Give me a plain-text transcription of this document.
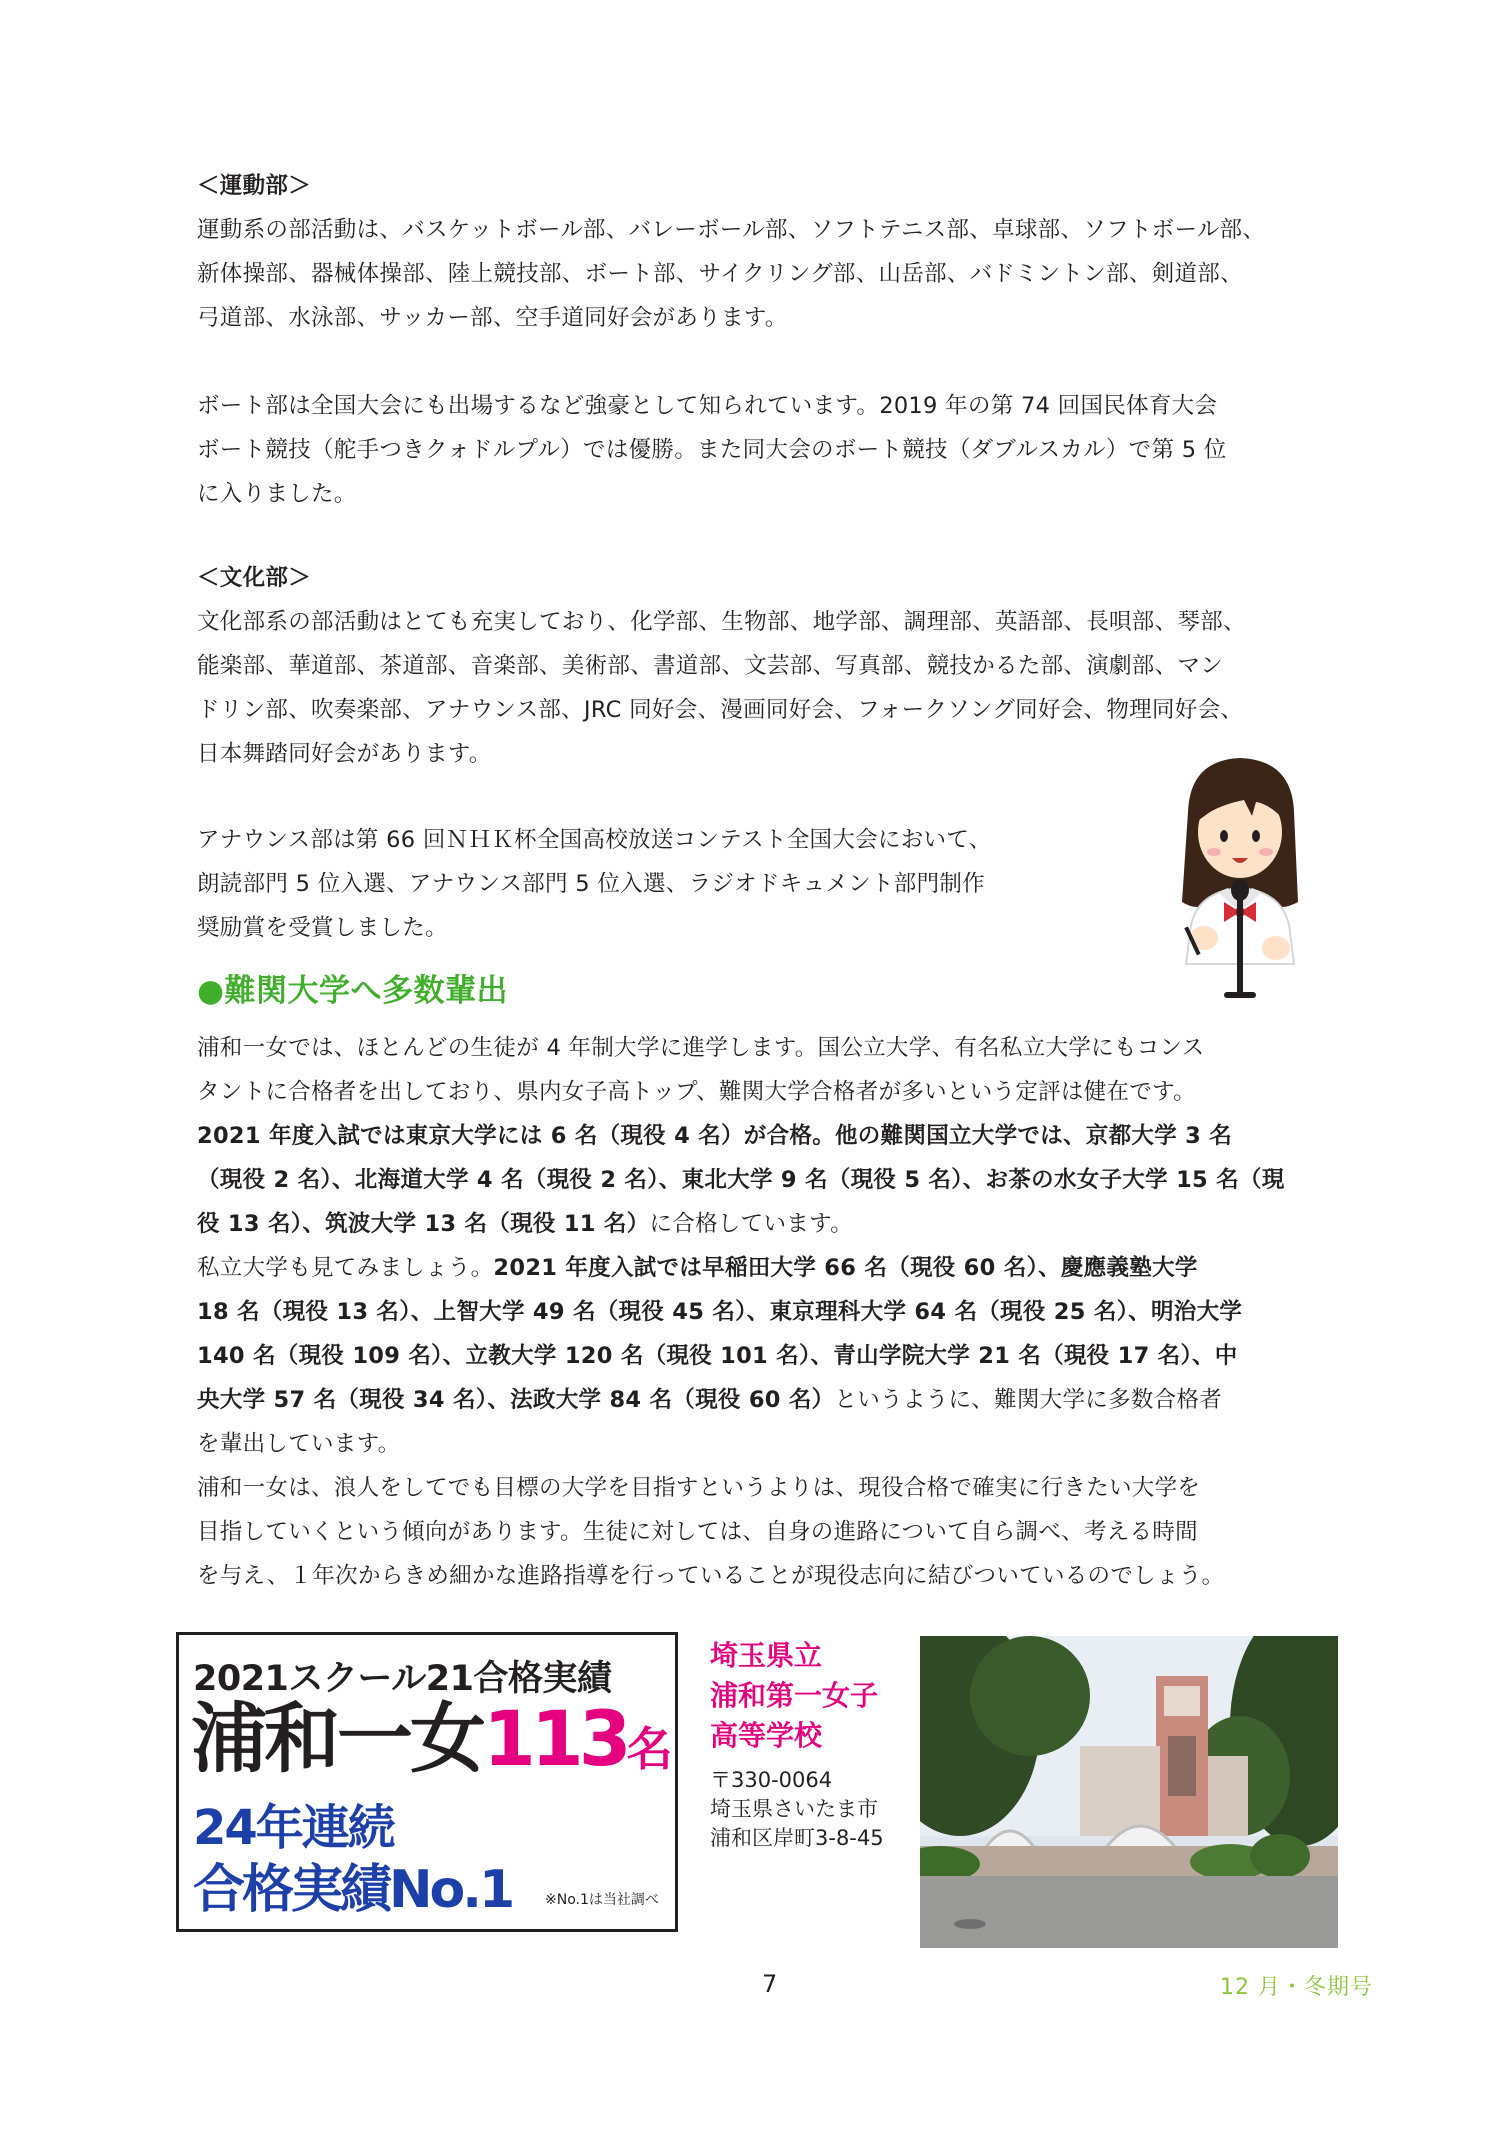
＜運動部＞

運動系の部活動は、バスケットボール部、バレーボール部、ソフトテニス部、卓球部、ソフトボール部、

新体操部、器械体操部、陸上競技部、ボート部、サイクリング部、山岳部、バドミントン部、剣道部、

弓道部、水泳部、サッカー部、空手道同好会があります。

ボート部は全国大会にも出場するなど強豪として知られています。2019 年の第 74 回国民体育大会

ボート競技（舵手つきクォドルプル）では優勝。また同大会のボート競技（ダブルスカル）で第 5 位

に入りました。

＜文化部＞

文化部系の部活動はとても充実しており、化学部、生物部、地学部、調理部、英語部、長唄部、琴部、

能楽部、華道部、茶道部、音楽部、美術部、書道部、文芸部、写真部、競技かるた部、演劇部、マン

ドリン部、吹奏楽部、アナウンス部、JRC 同好会、漫画同好会、フォークソング同好会、物理同好会、

日本舞踏同好会があります。

アナウンス部は第 66 回ＮＨＫ杯全国高校放送コンテスト全国大会において、

朗読部門 5 位入選、アナウンス部門 5 位入選、ラジオドキュメント部門制作

奨励賞を受賞しました。

●難関大学へ多数輩出

浦和一女では、ほとんどの生徒が 4 年制大学に進学します。国公立大学、有名私立大学にもコンス

タントに合格者を出しており、県内女子高トップ、難関大学合格者が多いという定評は健在です。

2021 年度入試では東京大学には 6 名（現役 4 名）が合格。他の難関国立大学では、京都大学 3 名

（現役 2 名）、北海道大学 4 名（現役 2 名）、東北大学 9 名（現役 5 名）、お茶の水女子大学 15 名（現

役 13 名）、筑波大学 13 名（現役 11 名）に合格しています。

私立大学も見てみましょう。2021 年度入試では早稲田大学 66 名（現役 60 名）、慶應義塾大学

18 名（現役 13 名）、上智大学 49 名（現役 45 名）、東京理科大学 64 名（現役 25 名）、明治大学

140 名（現役 109 名）、立教大学 120 名（現役 101 名）、青山学院大学 21 名（現役 17 名）、中

央大学 57 名（現役 34 名）、法政大学 84 名（現役 60 名）というように、難関大学に多数合格者

を輩出しています。

浦和一女は、浪人をしてでも目標の大学を目指すというよりは、現役合格で確実に行きたい大学を

目指していくという傾向があります。生徒に対しては、自身の進路について自ら調べ、考える時間

を与え、１年次からきめ細かな進路指導を行っていることが現役志向に結びついているのでしょう。

2021スクール21合格実績
浦和一女113名
24年連続
合格実績No.1 ※No.1は当社調べ

埼玉県立

浦和第一女子

高等学校

〒330-0064

埼玉県さいたま市

浦和区岸町3-8-45

7	12 月・冬期号
